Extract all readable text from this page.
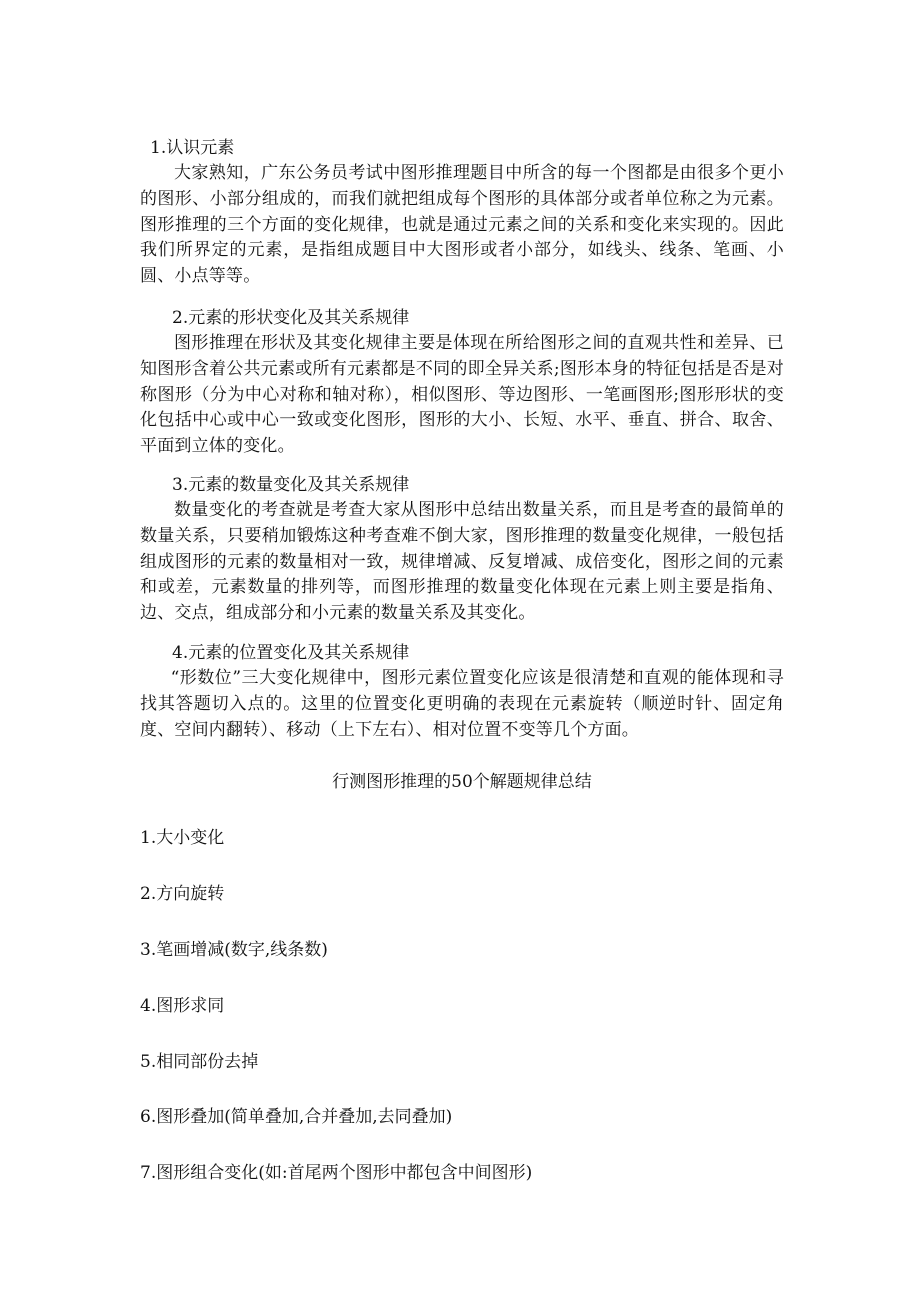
1.认识元素
大家熟知，广东公务员考试中图形推理题目中所含的每一个图都是由很多个更小的图形、小部分组成的，而我们就把组成每个图形的具体部分或者单位称之为元素。图形推理的三个方面的变化规律，也就是通过元素之间的关系和变化来实现的。因此我们所界定的元素，是指组成题目中大图形或者小部分，如线头、线条、笔画、小圆、小点等等。
2.元素的形状变化及其关系规律
图形推理在形状及其变化规律主要是体现在所给图形之间的直观共性和差异、已知图形含着公共元素或所有元素都是不同的即全异关系;图形本身的特征包括是否是对称图形（分为中心对称和轴对称），相似图形、等边图形、一笔画图形;图形形状的变化包括中心或中心一致或变化图形，图形的大小、长短、水平、垂直、拼合、取舍、平面到立体的变化。
3.元素的数量变化及其关系规律
数量变化的考查就是考查大家从图形中总结出数量关系，而且是考查的最简单的数量关系，只要稍加锻炼这种考查难不倒大家，图形推理的数量变化规律，一般包括组成图形的元素的数量相对一致，规律增减、反复增减、成倍变化，图形之间的元素和或差，元素数量的排列等，而图形推理的数量变化体现在元素上则主要是指角、边、交点，组成部分和小元素的数量关系及其变化。
4.元素的位置变化及其关系规律
“形数位”三大变化规律中，图形元素位置变化应该是很清楚和直观的能体现和寻找其答题切入点的。这里的位置变化更明确的表现在元素旋转（顺逆时针、固定角度、空间内翻转）、移动（上下左右）、相对位置不变等几个方面。
行测图形推理的50个解题规律总结
1.大小变化
2.方向旋转
3.笔画增减(数字,线条数)
4.图形求同
5.相同部份去掉
6.图形叠加(简单叠加,合并叠加,去同叠加)
7.图形组合变化(如:首尾两个图形中都包含中间图形)
